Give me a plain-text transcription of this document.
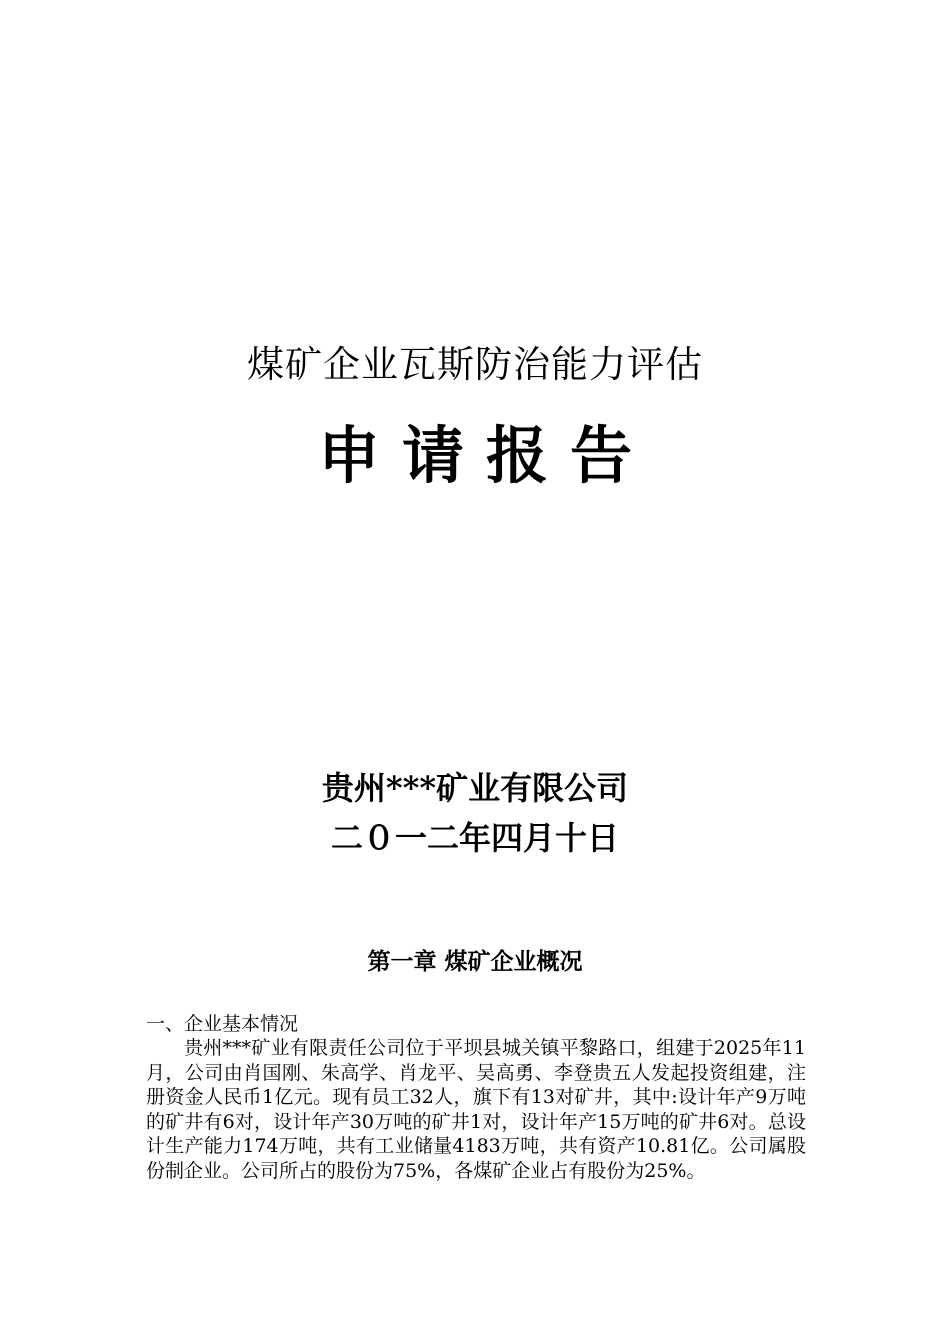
煤矿企业瓦斯防治能力评估
申请报告
贵州***矿业有限公司
二０一二年四月十日
第一章 煤矿企业概况
一、企业基本情况

贵州***矿业有限责任公司位于平坝县城关镇平黎路口，组建于2025年11月，公司由肖国刚、朱高学、肖龙平、吴高勇、李登贵五人发起投资组建，注册资金人民币1亿元。现有员工32人，旗下有13对矿井，其中:设计年产9万吨的矿井有6对，设计年产30万吨的矿井1对，设计年产15万吨的矿井6对。总设计生产能力174万吨，共有工业储量4183万吨，共有资产10.81亿。公司属股份制企业。公司所占的股份为75%，各煤矿企业占有股份为25%。
